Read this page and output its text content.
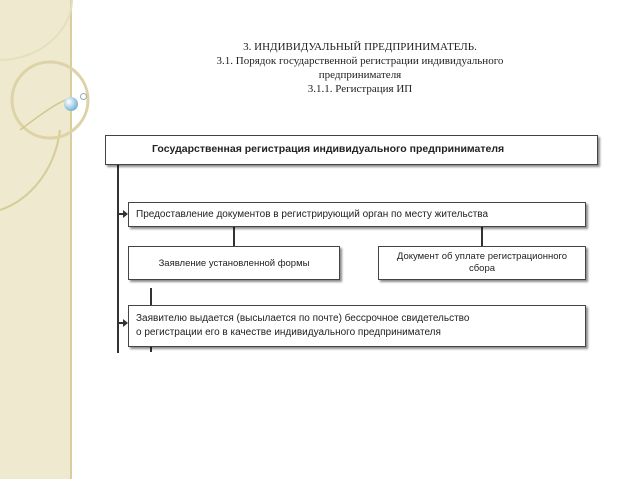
3. ИНДИВИДУАЛЬНЫЙ ПРЕДПРИНИМАТЕЛЬ.
3.1. Порядок государственной регистрации индивидуального
предпринимателя
3.1.1. Регистрация ИП
Государственная регистрация индивидуального предпринимателя
Предоставление документов в регистрирующий орган по месту жительства
Заявление установленной формы
Документ об уплате регистрационного
сбора
Заявителю выдается (высылается по почте) бессрочное свидетельство
о регистрации его в качестве индивидуального предпринимателя
